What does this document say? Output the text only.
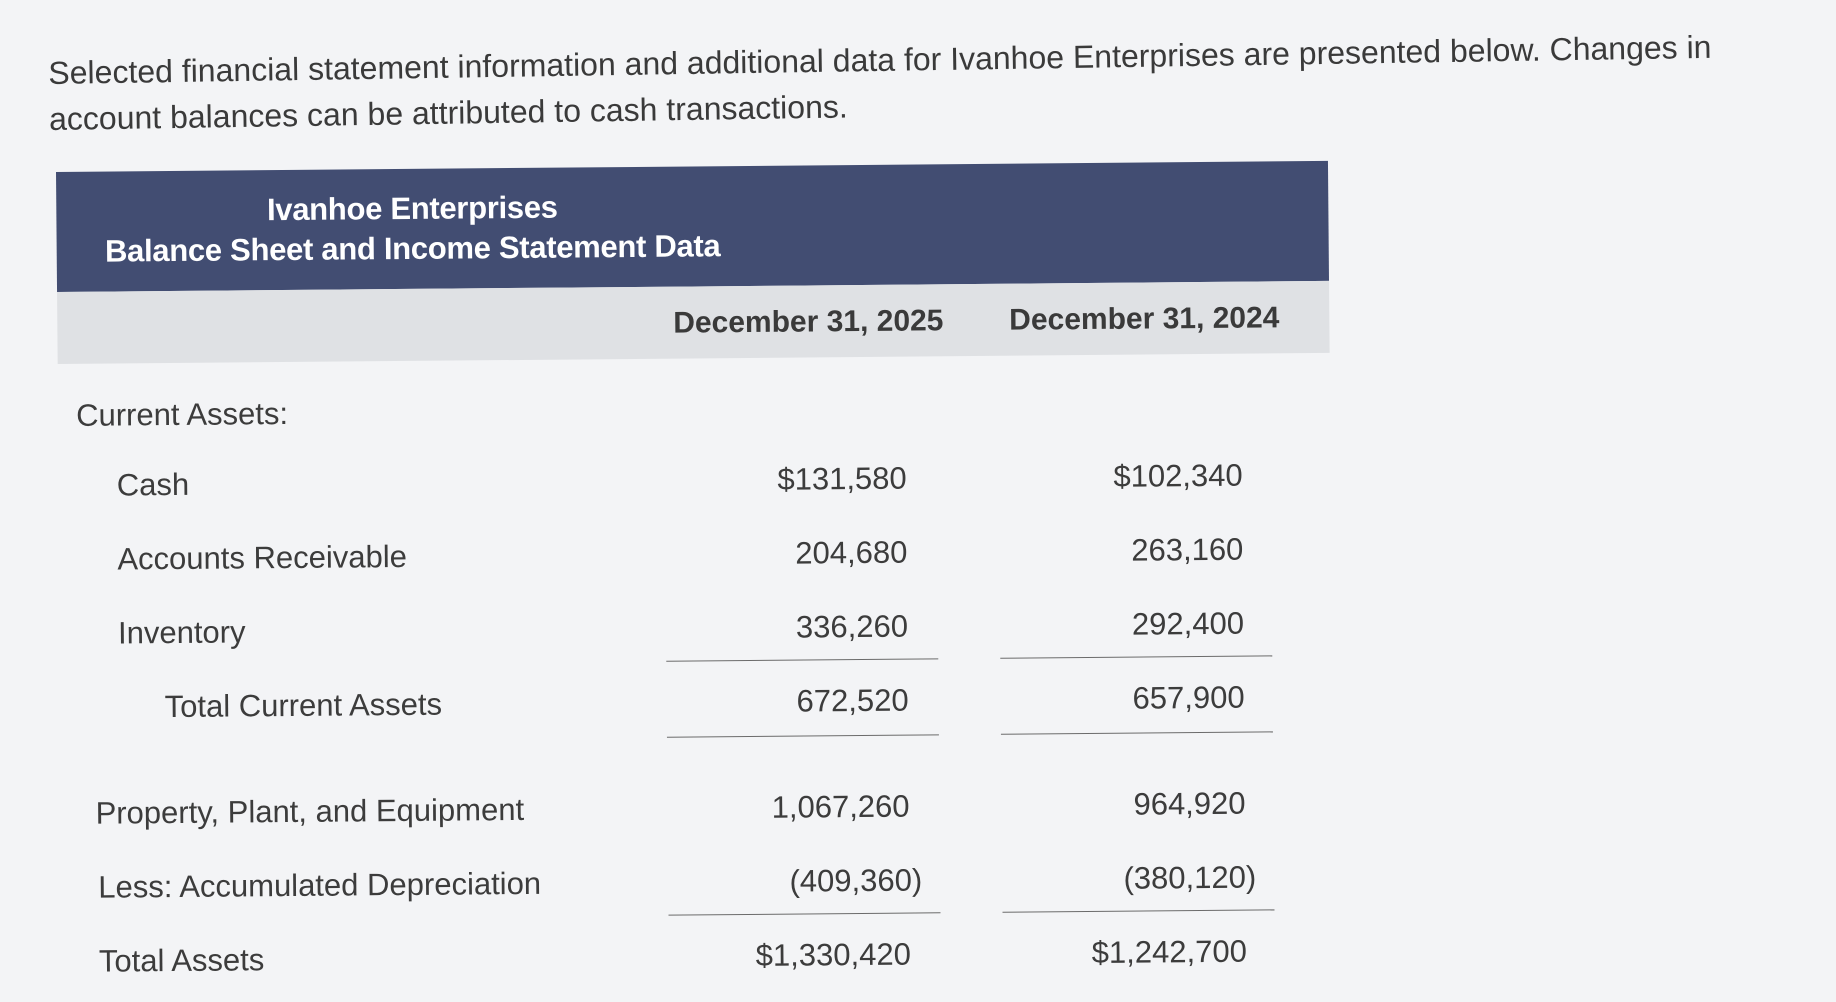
Selected financial statement information and additional data for Ivanhoe Enterprises are presented below. Changes in account balances can be attributed to cash transactions.
Ivanhoe Enterprises
Balance Sheet and Income Statement Data
December 31, 2025	December 31, 2024
Current Assets:
Cash	$131,580	$102,340
Accounts Receivable	204,680	263,160
Inventory	336,260	292,400
Total Current Assets	672,520	657,900
Property, Plant, and Equipment	1,067,260	964,920
Less: Accumulated Depreciation	(409,360)	(380,120)
Total Assets	$1,330,420	$1,242,700
